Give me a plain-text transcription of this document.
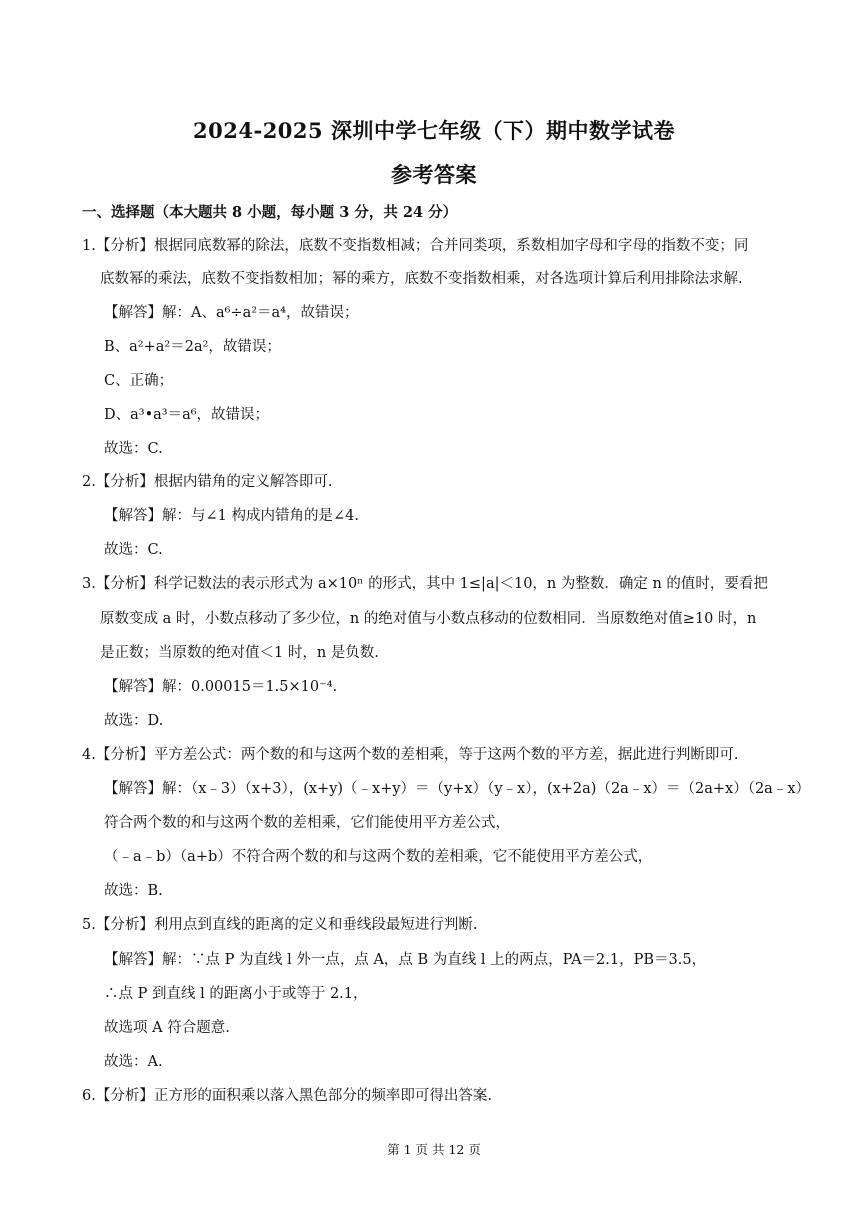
2024-2025 深圳中学七年级（下）期中数学试卷
参考答案
一、选择题（本大题共 8 小题，每小题 3 分，共 24 分）
1.【分析】根据同底数幂的除法，底数不变指数相减；合并同类项，系数相加字母和字母的指数不变；同
底数幂的乘法，底数不变指数相加；幂的乘方，底数不变指数相乘，对各选项计算后利用排除法求解.
【解答】解：A、a⁶÷a²＝a⁴，故错误；
B、a²+a²＝2a²，故错误；
C、正确；
D、a³•a³＝a⁶，故错误；
故选：C.
2.【分析】根据内错角的定义解答即可.
【解答】解：与∠1 构成内错角的是∠4.
故选：C.
3.【分析】科学记数法的表示形式为 a×10ⁿ 的形式，其中 1≤|a|＜10，n 为整数．确定 n 的值时，要看把
原数变成 a 时，小数点移动了多少位，n 的绝对值与小数点移动的位数相同．当原数绝对值≥10 时，n
是正数；当原数的绝对值＜1 时，n 是负数.
【解答】解：0.00015＝1.5×10⁻⁴.
故选：D.
4.【分析】平方差公式：两个数的和与这两个数的差相乘，等于这两个数的平方差，据此进行判断即可.
【解答】解：（x﹣3）（x+3），(x+y)（﹣x+y）＝（y+x）（y﹣x），(x+2a)（2a﹣x）＝（2a+x）（2a﹣x）
符合两个数的和与这两个数的差相乘，它们能使用平方差公式，
（﹣a﹣b）（a+b）不符合两个数的和与这两个数的差相乘，它不能使用平方差公式，
故选：B.
5.【分析】利用点到直线的距离的定义和垂线段最短进行判断.
【解答】解：∵点 P 为直线 l 外一点，点 A，点 B 为直线 l 上的两点，PA＝2.1，PB＝3.5，
∴点 P 到直线 l 的距离小于或等于 2.1，
故选项 A 符合题意.
故选：A.
6.【分析】正方形的面积乘以落入黑色部分的频率即可得出答案.
第 1 页 共 12 页
